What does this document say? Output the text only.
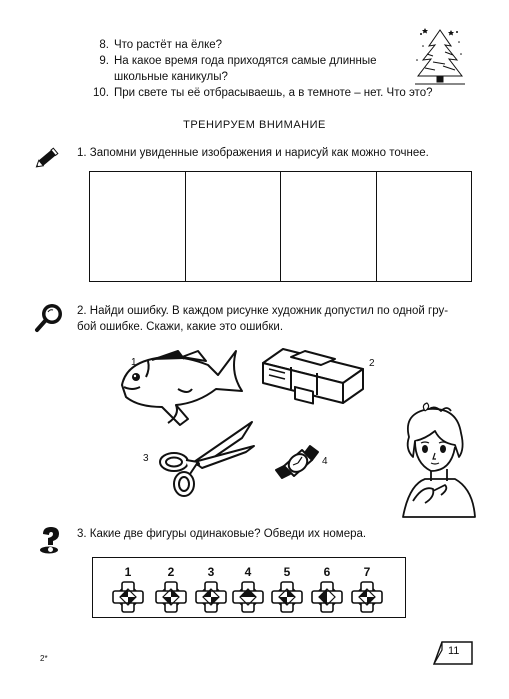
8. Что растёт на ёлке?
9. На какое время года приходятся самые длинные
школьные каникулы?
10. При свете ты её отбрасываешь, а в темноте – нет. Что это?
ТРЕНИРУЕМ ВНИМАНИЕ
1. Запомни увиденные изображения и нарисуй как можно точнее.
2. Найди ошибку. В каждом рисунке художник допустил по одной гру-
бой ошибке. Скажи, какие это ошибки.
1	2
3	4
3. Какие две фигуры одинаковые? Обведи их номера.
1	2	3	4	5	6	7
2*
11
